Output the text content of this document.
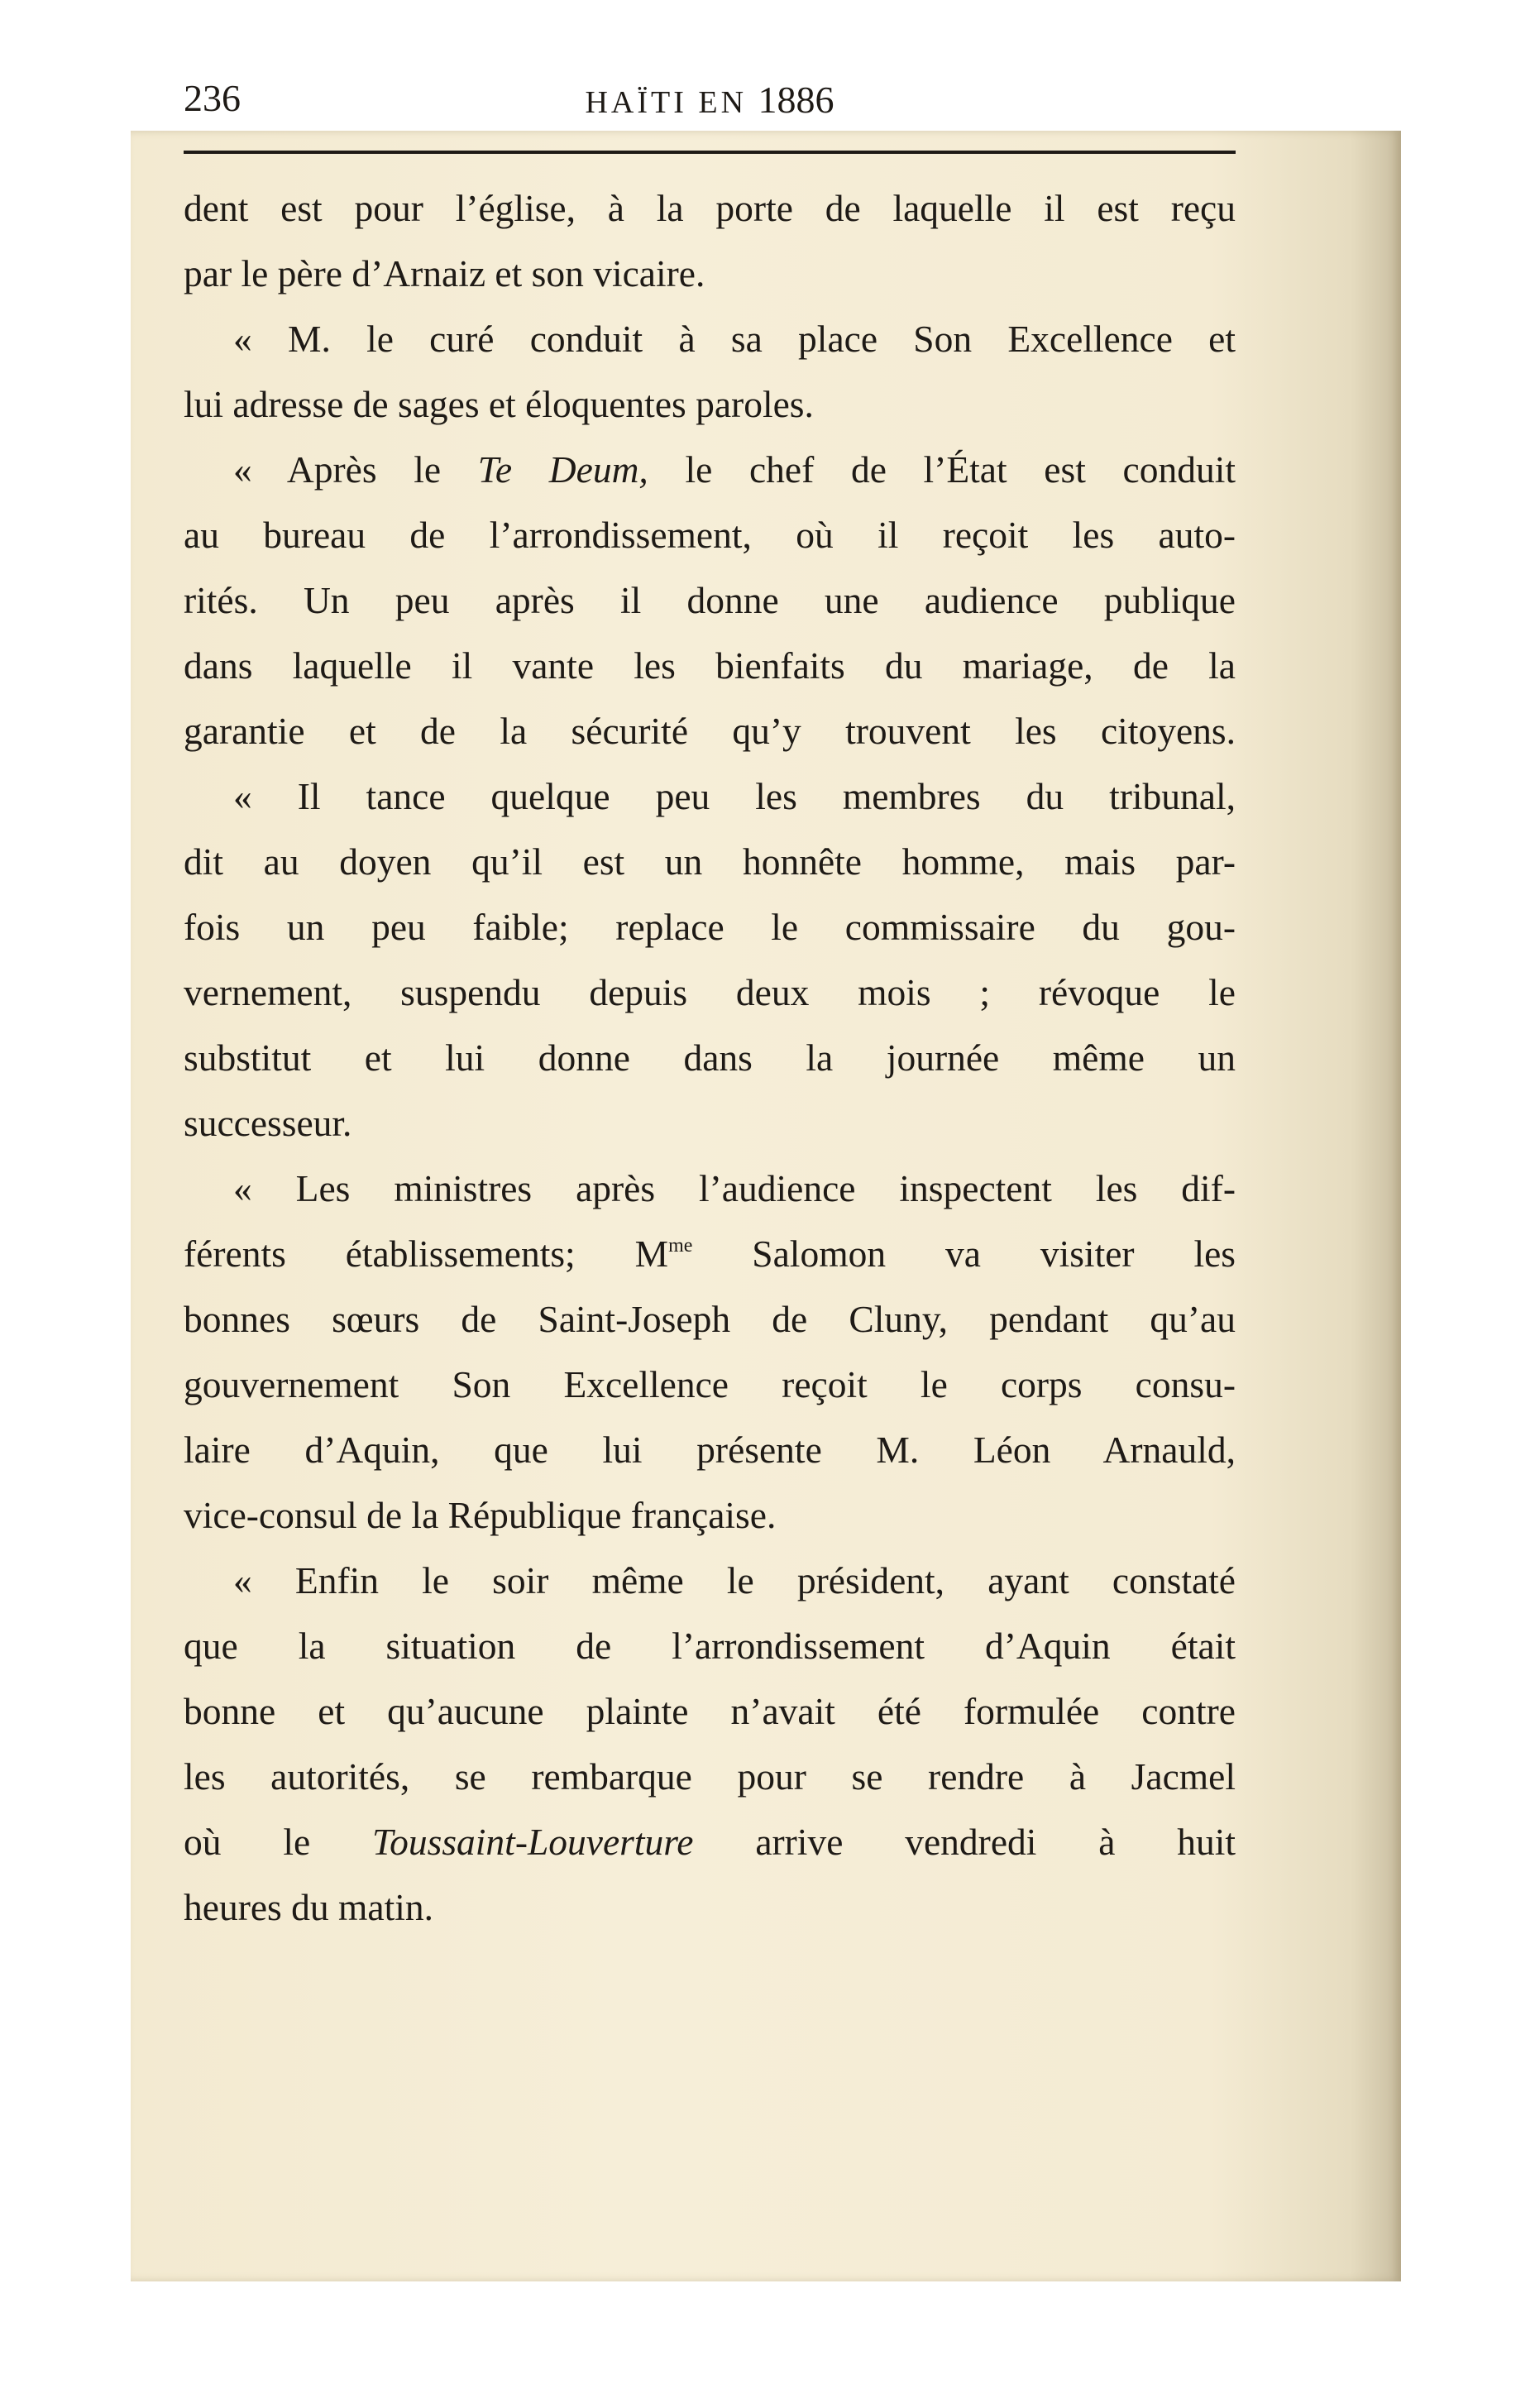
236	HAÏTI EN 1886
dent est pour l’église, à la porte de laquelle il est reçu
par le père d’Arnaiz et son vicaire.
« M. le curé conduit à sa place Son Excellence et
lui adresse de sages et éloquentes paroles.
« Après le Te Deum, le chef de l’État est conduit
au bureau de l’arrondissement, où il reçoit les auto-
rités. Un peu après il donne une audience publique
dans laquelle il vante les bienfaits du mariage, de la
garantie et de la sécurité qu’y trouvent les citoyens.
« Il tance quelque peu les membres du tribunal,
dit au doyen qu’il est un honnête homme, mais par-
fois un peu faible; replace le commissaire du gou-
vernement, suspendu depuis deux mois ; révoque le
substitut et lui donne dans la journée même un
successeur.
« Les ministres après l’audience inspectent les dif-
férents établissements; $M^{me}$ Salomon va visiter les
bonnes sœurs de Saint-Joseph de Cluny, pendant qu’au
gouvernement Son Excellence reçoit le corps consu-
laire d’Aquin, que lui présente M. Léon Arnauld,
vice-consul de la République française.
« Enfin le soir même le président, ayant constaté
que la situation de l’arrondissement d’Aquin était
bonne et qu’aucune plainte n’avait été formulée contre
les autorités, se rembarque pour se rendre à Jacmel
où le Toussaint-Louverture arrive vendredi à huit
heures du matin.
